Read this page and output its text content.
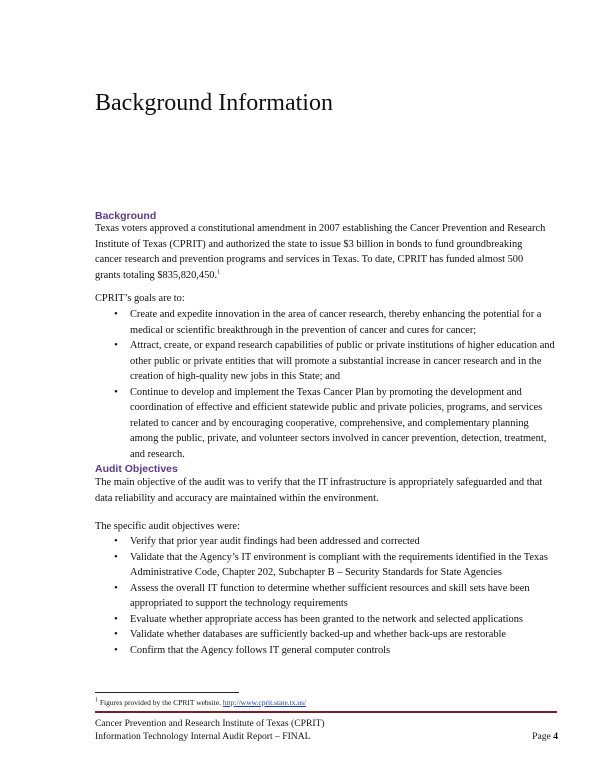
Background Information
Background

Texas voters approved a constitutional amendment in 2007 establishing the Cancer Prevention and Research Institute of Texas (CPRIT) and authorized the state to issue $3 billion in bonds to fund groundbreaking cancer research and prevention programs and services in Texas. To date, CPRIT has funded almost 500 grants totaling $835,820,450.$^1$

CPRIT’s goals are to:

• Create and expedite innovation in the area of cancer research, thereby enhancing the potential for a medical or scientific breakthrough in the prevention of cancer and cures for cancer;
• Attract, create, or expand research capabilities of public or private institutions of higher education and other public or private entities that will promote a substantial increase in cancer research and in the creation of high-quality new jobs in this State; and
• Continue to develop and implement the Texas Cancer Plan by promoting the development and coordination of effective and efficient statewide public and private policies, programs, and services related to cancer and by encouraging cooperative, comprehensive, and complementary planning among the public, private, and volunteer sectors involved in cancer prevention, detection, treatment, and research.
Audit Objectives

The main objective of the audit was to verify that the IT infrastructure is appropriately safeguarded and that data reliability and accuracy are maintained within the environment.

The specific audit objectives were:

• Verify that prior year audit findings had been addressed and corrected
• Validate that the Agency’s IT environment is compliant with the requirements identified in the Texas Administrative Code, Chapter 202, Subchapter B – Security Standards for State Agencies
• Assess the overall IT function to determine whether sufficient resources and skill sets have been appropriated to support the technology requirements
• Evaluate whether appropriate access has been granted to the network and selected applications
• Validate whether databases are sufficiently backed-up and whether back-ups are restorable
• Confirm that the Agency follows IT general computer controls

$^1$ Figures provided by the CPRIT website. http://www.cprit.state.tx.us/

Cancer Prevention and Research Institute of Texas (CPRIT)

Information Technology Internal Audit Report – FINAL	Page 4
